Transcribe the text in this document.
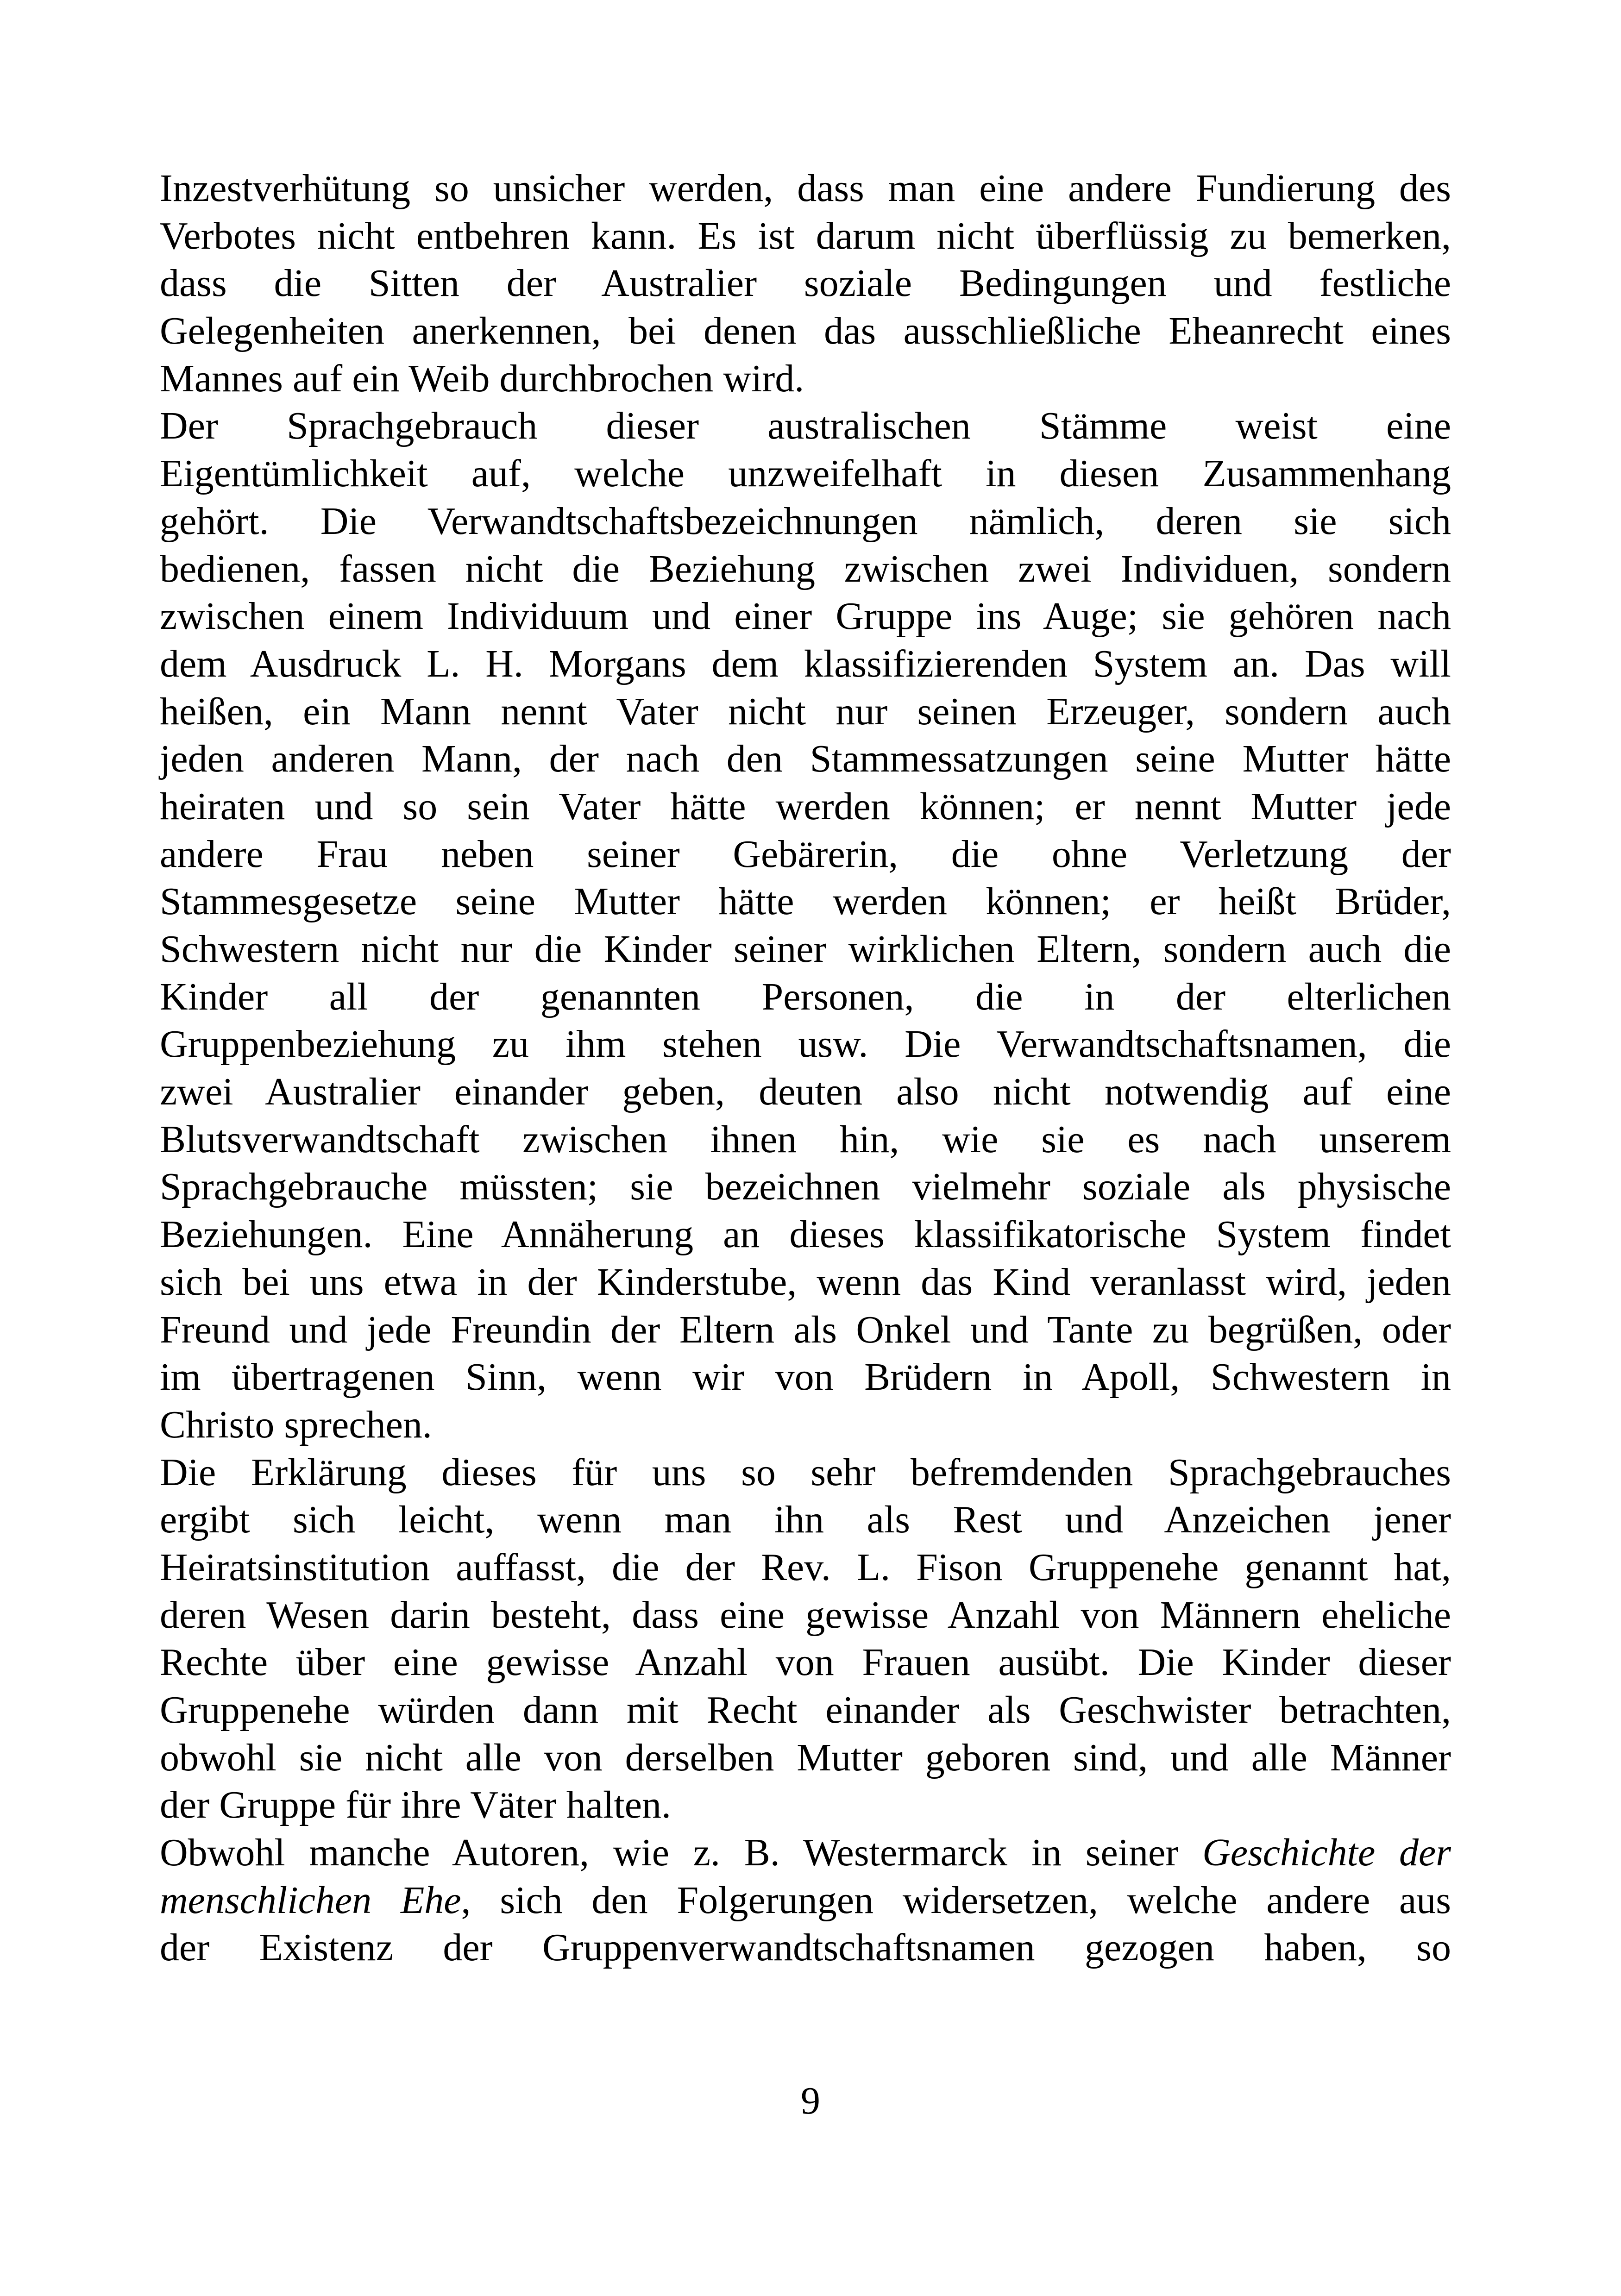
Inzestverhütung so unsicher werden, dass man eine andere Fundierung des
Verbotes nicht entbehren kann. Es ist darum nicht überflüssig zu bemerken,
dass die Sitten der Australier soziale Bedingungen und festliche
Gelegenheiten anerkennen, bei denen das ausschließliche Eheanrecht eines
Mannes auf ein Weib durchbrochen wird.
Der Sprachgebrauch dieser australischen Stämme weist eine
Eigentümlichkeit auf, welche unzweifelhaft in diesen Zusammenhang
gehört. Die Verwandtschaftsbezeichnungen nämlich, deren sie sich
bedienen, fassen nicht die Beziehung zwischen zwei Individuen, sondern
zwischen einem Individuum und einer Gruppe ins Auge; sie gehören nach
dem Ausdruck L. H. Morgans dem klassifizierenden System an. Das will
heißen, ein Mann nennt Vater nicht nur seinen Erzeuger, sondern auch
jeden anderen Mann, der nach den Stammessatzungen seine Mutter hätte
heiraten und so sein Vater hätte werden können; er nennt Mutter jede
andere Frau neben seiner Gebärerin, die ohne Verletzung der
Stammesgesetze seine Mutter hätte werden können; er heißt Brüder,
Schwestern nicht nur die Kinder seiner wirklichen Eltern, sondern auch die
Kinder all der genannten Personen, die in der elterlichen
Gruppenbeziehung zu ihm stehen usw. Die Verwandtschaftsnamen, die
zwei Australier einander geben, deuten also nicht notwendig auf eine
Blutsverwandtschaft zwischen ihnen hin, wie sie es nach unserem
Sprachgebrauche müssten; sie bezeichnen vielmehr soziale als physische
Beziehungen. Eine Annäherung an dieses klassifikatorische System findet
sich bei uns etwa in der Kinderstube, wenn das Kind veranlasst wird, jeden
Freund und jede Freundin der Eltern als Onkel und Tante zu begrüßen, oder
im übertragenen Sinn, wenn wir von Brüdern in Apoll, Schwestern in
Christo sprechen.
Die Erklärung dieses für uns so sehr befremdenden Sprachgebrauches
ergibt sich leicht, wenn man ihn als Rest und Anzeichen jener
Heiratsinstitution auffasst, die der Rev. L. Fison Gruppenehe genannt hat,
deren Wesen darin besteht, dass eine gewisse Anzahl von Männern eheliche
Rechte über eine gewisse Anzahl von Frauen ausübt. Die Kinder dieser
Gruppenehe würden dann mit Recht einander als Geschwister betrachten,
obwohl sie nicht alle von derselben Mutter geboren sind, und alle Männer
der Gruppe für ihre Väter halten.
Obwohl manche Autoren, wie z. B. Westermarck in seiner Geschichte der
menschlichen Ehe, sich den Folgerungen widersetzen, welche andere aus
der Existenz der Gruppenverwandtschaftsnamen gezogen haben, so
9
